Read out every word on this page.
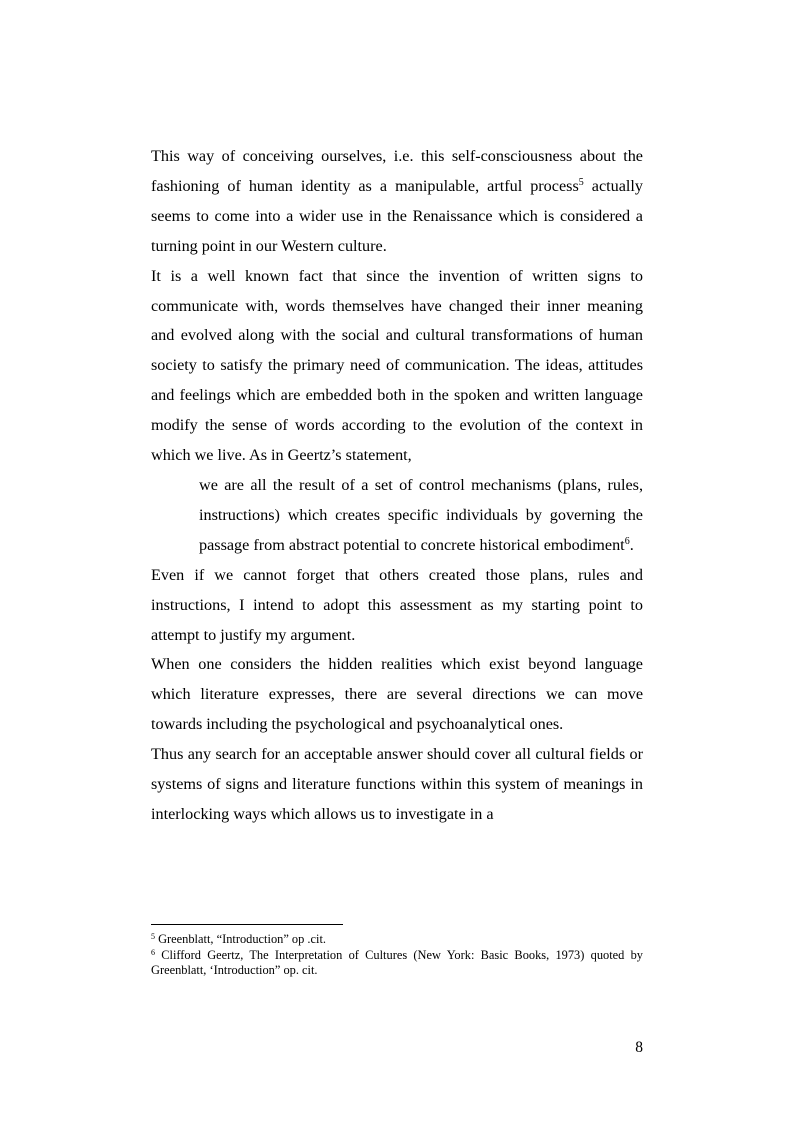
This way of conceiving ourselves, i.e. this self-consciousness about the fashioning of human identity as a manipulable, artful process$^5$ actually seems to come into a wider use in the Renaissance which is considered a turning point in our Western culture.

It is a well known fact that since the invention of written signs to communicate with, words themselves have changed their inner meaning and evolved along with the social and cultural transformations of human society to satisfy the primary need of communication. The ideas, attitudes and feelings which are embedded both in the spoken and written language modify the sense of words according to the evolution of the context in which we live. As in Geertz’s statement,

we are all the result of a set of control mechanisms (plans, rules, instructions) which creates specific individuals by governing the passage from abstract potential to concrete historical embodiment$^6$.

Even if we cannot forget that others created those plans, rules and instructions, I intend to adopt this assessment as my starting point to attempt to justify my argument.

When one considers the hidden realities which exist beyond language which literature expresses, there are several directions we can move towards including the psychological and psychoanalytical ones.

Thus any search for an acceptable answer should cover all cultural fields or systems of signs and literature functions within this system of meanings in interlocking ways which allows us to investigate in a

$^5$ Greenblatt, “Introduction” op .cit.

$^6$ Clifford Geertz, The Interpretation of Cultures (New York: Basic Books, 1973) quoted by Greenblatt, ‘Introduction” op. cit.

8
